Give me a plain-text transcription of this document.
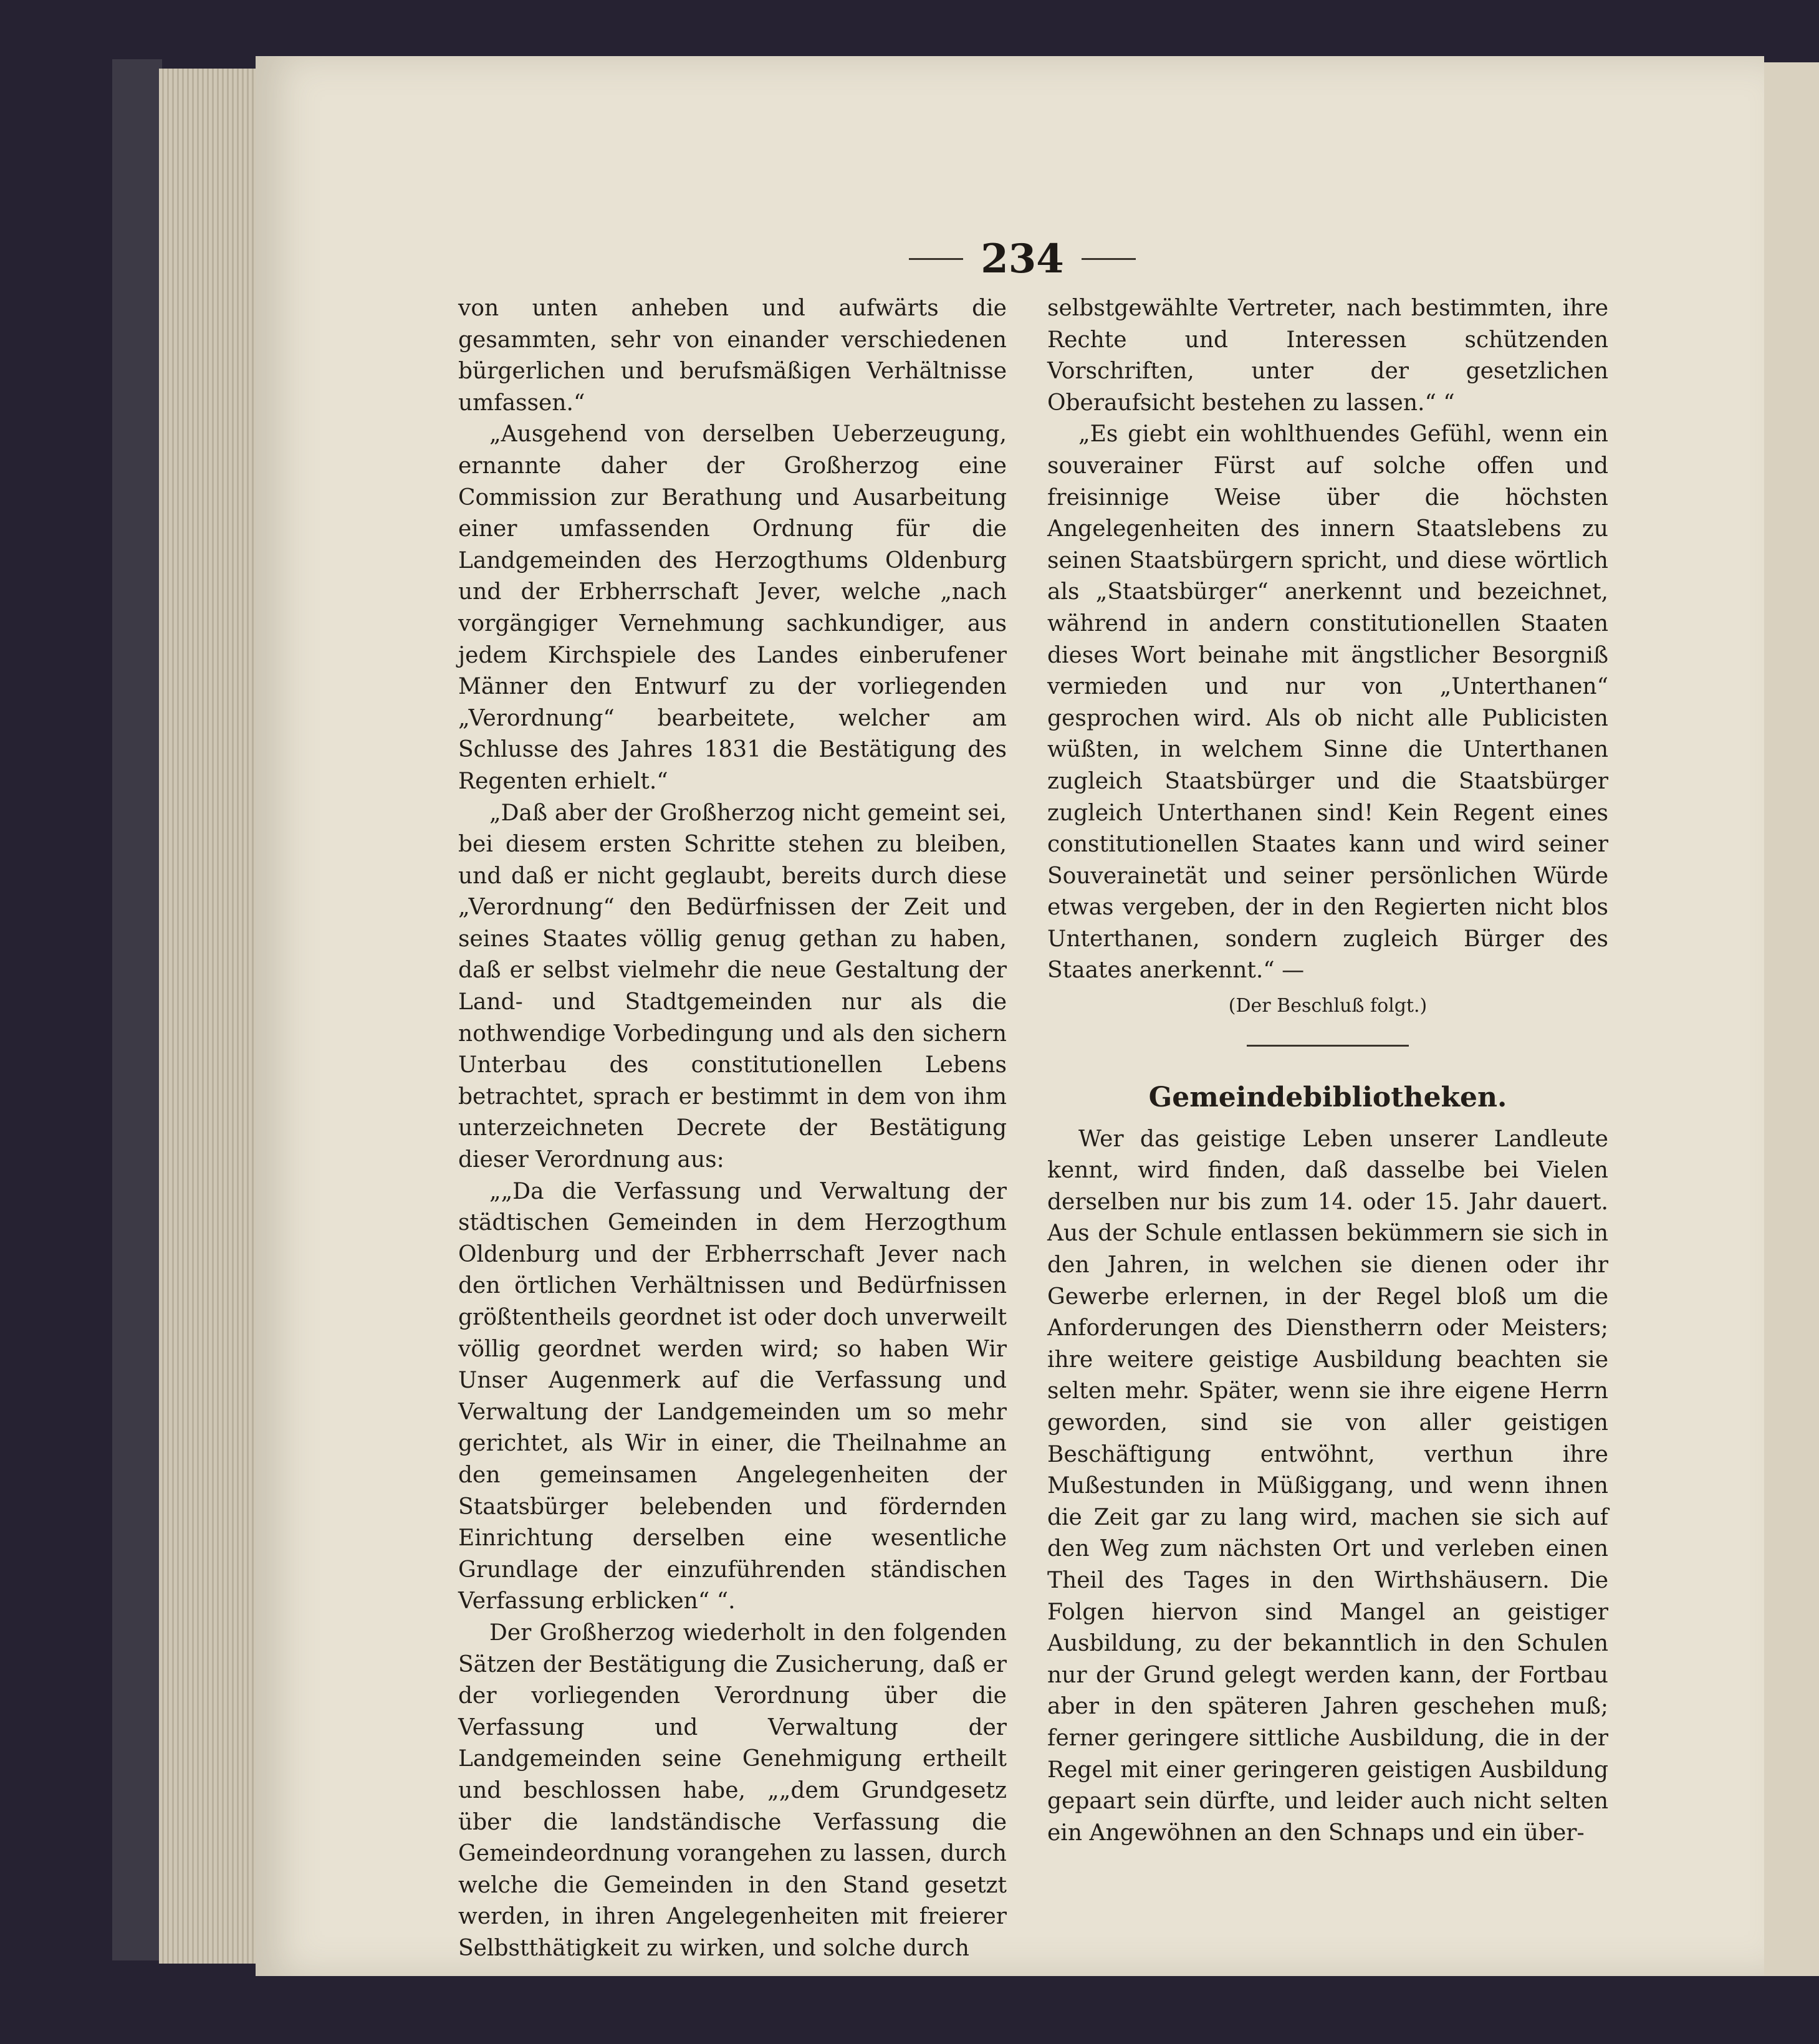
234

von unten anheben und aufwärts die gesammten, sehr von einander verschiedenen bürgerlichen und berufsmäßigen Verhältnisse umfassen.“

„Ausgehend von derselben Ueberzeugung, ernannte daher der Großherzog eine Commission zur Berathung und Ausarbeitung einer umfassenden Ordnung für die Landgemeinden des Herzogthums Oldenburg und der Erbherrschaft Jever, welche „nach vorgängiger Vernehmung sachkundiger, aus jedem Kirchspiele des Landes einberufener Männer den Entwurf zu der vorliegenden „Verordnung“ bearbeitete, welcher am Schlusse des Jahres 1831 die Bestätigung des Regenten erhielt.“

„Daß aber der Großherzog nicht gemeint sei, bei diesem ersten Schritte stehen zu bleiben, und daß er nicht geglaubt, bereits durch diese „Verordnung“ den Bedürfnissen der Zeit und seines Staates völlig genug gethan zu haben, daß er selbst vielmehr die neue Gestaltung der Land- und Stadtgemeinden nur als die nothwendige Vorbedingung und als den sichern Unterbau des constitutionellen Lebens betrachtet, sprach er bestimmt in dem von ihm unterzeichneten Decrete der Bestätigung dieser Verordnung aus:

„„Da die Verfassung und Verwaltung der städtischen Gemeinden in dem Herzogthum Oldenburg und der Erbherrschaft Jever nach den örtlichen Verhältnissen und Bedürfnissen größtentheils geordnet ist oder doch unverweilt völlig geordnet werden wird; so haben Wir Unser Augenmerk auf die Verfassung und Verwaltung der Landgemeinden um so mehr gerichtet, als Wir in einer, die Theilnahme an den gemeinsamen Angelegenheiten der Staatsbürger belebenden und fördernden Einrichtung derselben eine wesentliche Grundlage der einzuführenden ständischen Verfassung erblicken“ “.

Der Großherzog wiederholt in den folgenden Sätzen der Bestätigung die Zusicherung, daß er der vorliegenden Verordnung über die Verfassung und Verwaltung der Landgemeinden seine Genehmigung ertheilt und beschlossen habe, „„dem Grundgesetz über die landständische Verfassung die Gemeindeordnung vorangehen zu lassen, durch welche die Gemeinden in den Stand gesetzt werden, in ihren Angelegenheiten mit freierer Selbstthätigkeit zu wirken, und solche durch

selbstgewählte Vertreter, nach bestimmten, ihre Rechte und Interessen schützenden Vorschriften, unter der gesetzlichen Oberaufsicht bestehen zu lassen.“ “

„Es giebt ein wohlthuendes Gefühl, wenn ein souverainer Fürst auf solche offen und freisinnige Weise über die höchsten Angelegenheiten des innern Staatslebens zu seinen Staatsbürgern spricht, und diese wörtlich als „Staatsbürger“ anerkennt und bezeichnet, während in andern constitutionellen Staaten dieses Wort beinahe mit ängstlicher Besorgniß vermieden und nur von „Unterthanen“ gesprochen wird. Als ob nicht alle Publicisten wüßten, in welchem Sinne die Unterthanen zugleich Staatsbürger und die Staatsbürger zugleich Unterthanen sind! Kein Regent eines constitutionellen Staates kann und wird seiner Souverainetät und seiner persönlichen Würde etwas vergeben, der in den Regierten nicht blos Unterthanen, sondern zugleich Bürger des Staates anerkennt.“ —

(Der Beschluß folgt.)
Gemeindebibliotheken.

Wer das geistige Leben unserer Landleute kennt, wird finden, daß dasselbe bei Vielen derselben nur bis zum 14. oder 15. Jahr dauert. Aus der Schule entlassen bekümmern sie sich in den Jahren, in welchen sie dienen oder ihr Gewerbe erlernen, in der Regel bloß um die Anforderungen des Dienstherrn oder Meisters; ihre weitere geistige Ausbildung beachten sie selten mehr. Später, wenn sie ihre eigene Herrn geworden, sind sie von aller geistigen Beschäftigung entwöhnt, verthun ihre Mußestunden in Müßiggang, und wenn ihnen die Zeit gar zu lang wird, machen sie sich auf den Weg zum nächsten Ort und verleben einen Theil des Tages in den Wirthshäusern. Die Folgen hiervon sind Mangel an geistiger Ausbildung, zu der bekanntlich in den Schulen nur der Grund gelegt werden kann, der Fortbau aber in den späteren Jahren geschehen muß; ferner geringere sittliche Ausbildung, die in der Regel mit einer geringeren geistigen Ausbildung gepaart sein dürfte, und leider auch nicht selten ein Angewöhnen an den Schnaps und ein über-
